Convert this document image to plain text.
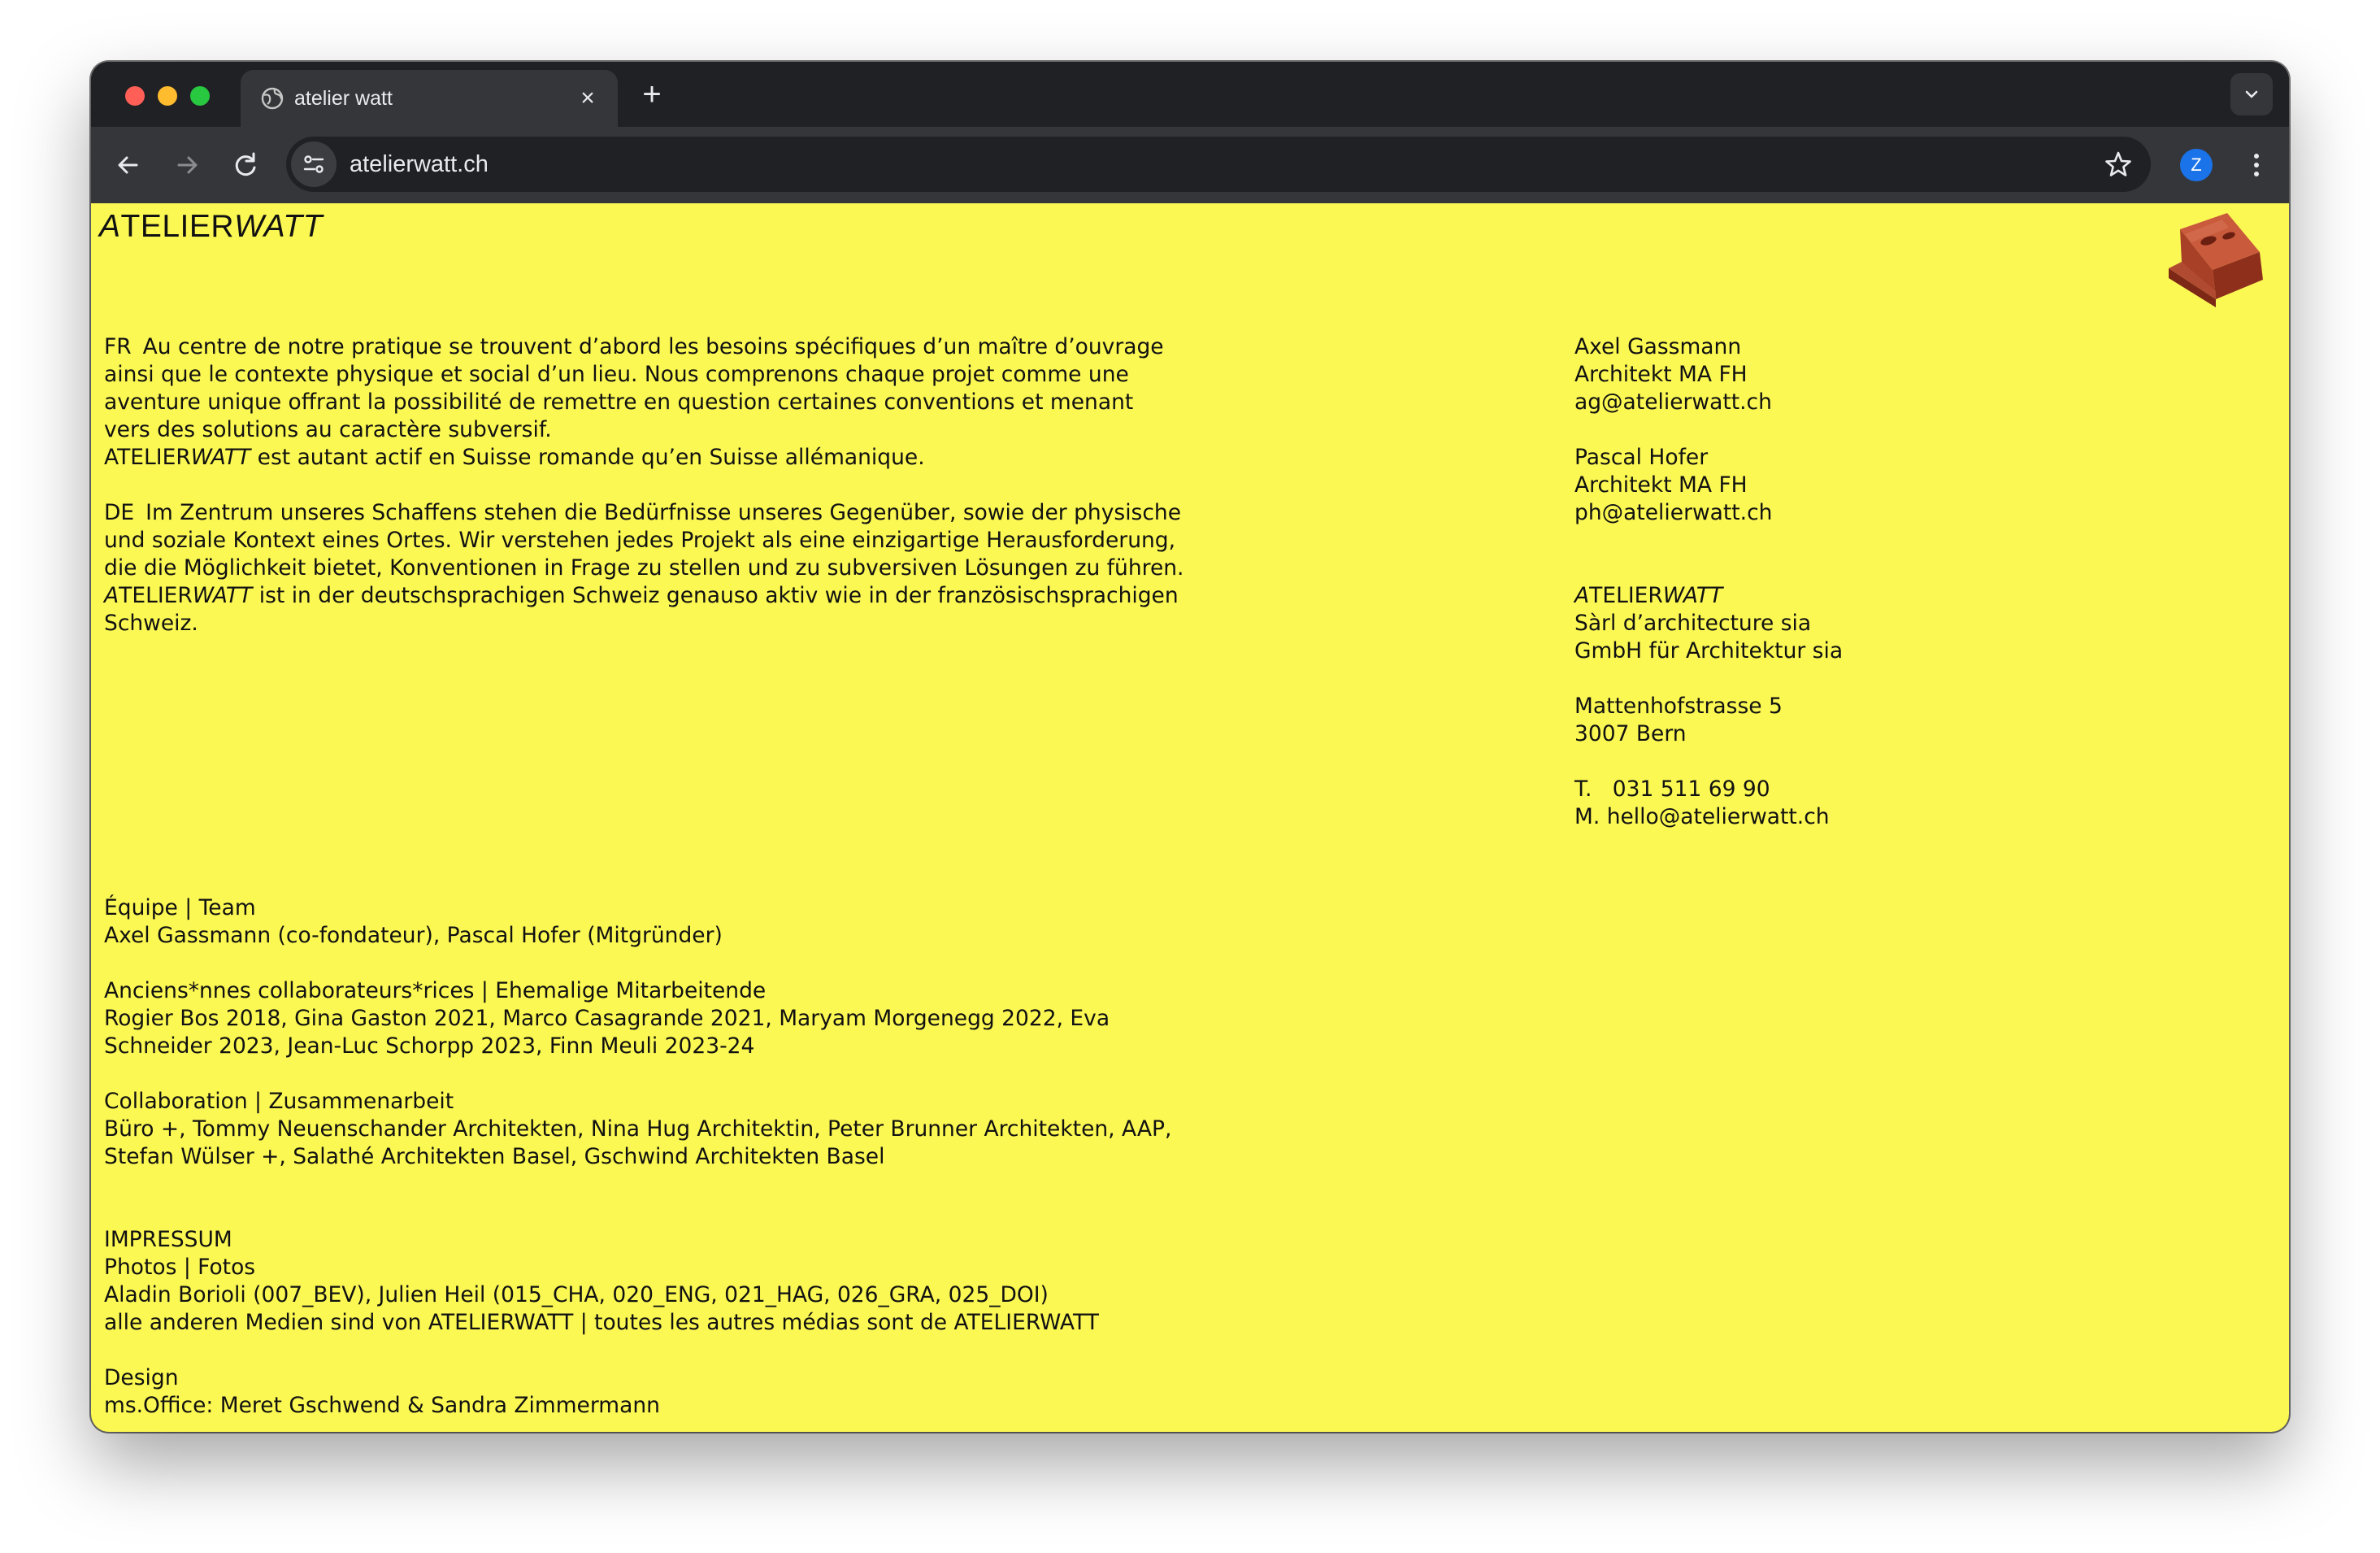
atelier watt	× +
atelierwatt.ch	Z
ATELIERWATT

FR Au centre de notre pratique se trouvent d’abord les besoins spécifiques d’un maître d’ouvrage ainsi que le contexte physique et social d’un lieu. Nous comprenons chaque projet comme une aventure unique offrant la possibilité de remettre en question certaines conventions et menant vers des solutions au caractère subversif.
ATELIERWATT est autant actif en Suisse romande qu’en Suisse allémanique.

DE Im Zentrum unseres Schaffens stehen die Bedürfnisse unseres Gegenüber, sowie der physische und soziale Kontext eines Ortes. Wir verstehen jedes Projekt als eine einzigartige Herausforderung, die die Möglichkeit bietet, Konventionen in Frage zu stellen und zu subversiven Lösungen zu führen.
ATELIERWATT ist in der deutschsprachigen Schweiz genauso aktiv wie in der französischsprachigen Schweiz.

Axel Gassmann

Architekt MA FH

ag@atelierwatt.ch

Pascal Hofer

Architekt MA FH

ph@atelierwatt.ch

ATELIERWATT

Sàrl d’architecture sia

GmbH für Architektur sia

Mattenhofstrasse 5

3007 Bern

T.   031 511 69 90

M. hello@atelierwatt.ch

Équipe | Team

Axel Gassmann (co-fondateur), Pascal Hofer (Mitgründer)

Anciens*nnes collaborateurs*rices | Ehemalige Mitarbeitende

Rogier Bos 2018, Gina Gaston 2021, Marco Casagrande 2021, Maryam Morgenegg 2022, Eva

Schneider 2023, Jean-Luc Schorpp 2023, Finn Meuli 2023-24

Collaboration | Zusammenarbeit

Büro +, Tommy Neuenschander Architekten, Nina Hug Architektin, Peter Brunner Architekten, AAP,

Stefan Wülser +, Salathé Architekten Basel, Gschwind Architekten Basel

IMPRESSUM

Photos | Fotos

Aladin Borioli (007_BEV), Julien Heil (015_CHA, 020_ENG, 021_HAG, 026_GRA, 025_DOI)

alle anderen Medien sind von ATELIERWATT | toutes les autres médias sont de ATELIERWATT

Design

ms.Office: Meret Gschwend & Sandra Zimmermann
